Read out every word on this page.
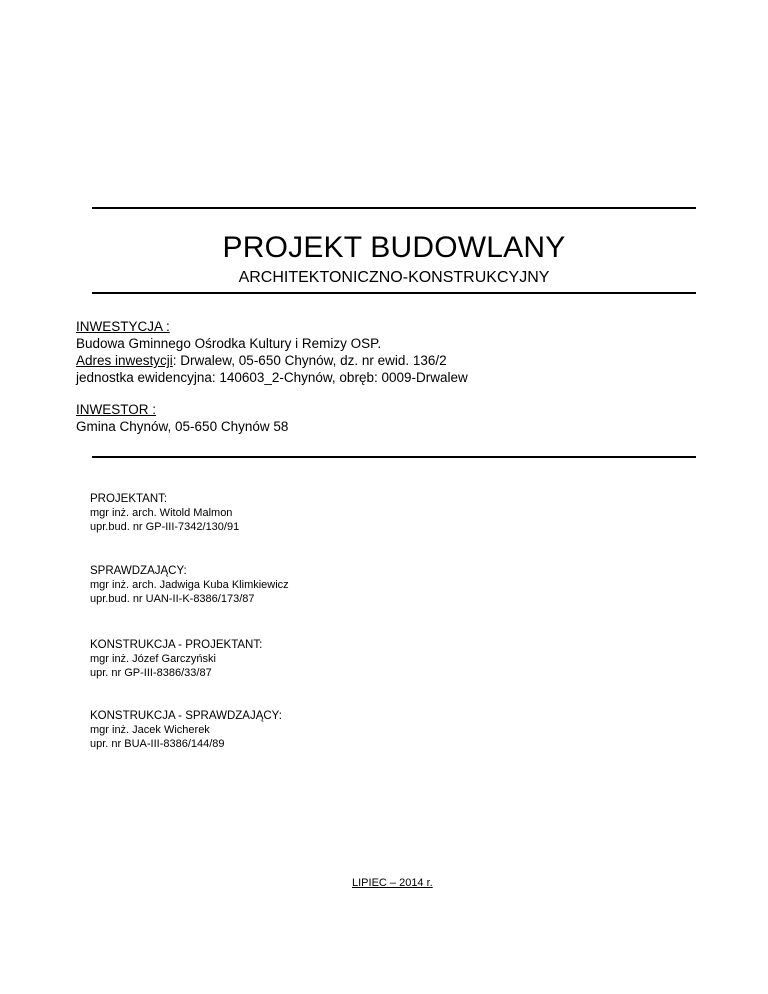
PROJEKT BUDOWLANY
ARCHITEKTONICZNO-KONSTRUKCYJNY
INWESTYCJA :
Budowa Gminnego Ośrodka Kultury i Remizy OSP.
Adres inwestycji: Drwalew, 05-650 Chynów, dz. nr ewid. 136/2
jednostka ewidencyjna: 140603_2-Chynów, obręb: 0009-Drwalew
INWESTOR :
Gmina Chynów, 05-650 Chynów 58
PROJEKTANT:
mgr inż. arch. Witold Malmon
upr.bud. nr GP-III-7342/130/91
SPRAWDZAJĄCY:
mgr inż. arch. Jadwiga Kuba Klimkiewicz
upr.bud. nr UAN-II-K-8386/173/87
KONSTRUKCJA - PROJEKTANT:
mgr inż. Józef Garczyński
upr. nr GP-III-8386/33/87
KONSTRUKCJA - SPRAWDZAJĄCY:
mgr inż. Jacek Wicherek
upr. nr BUA-III-8386/144/89
LIPIEC – 2014 r.
